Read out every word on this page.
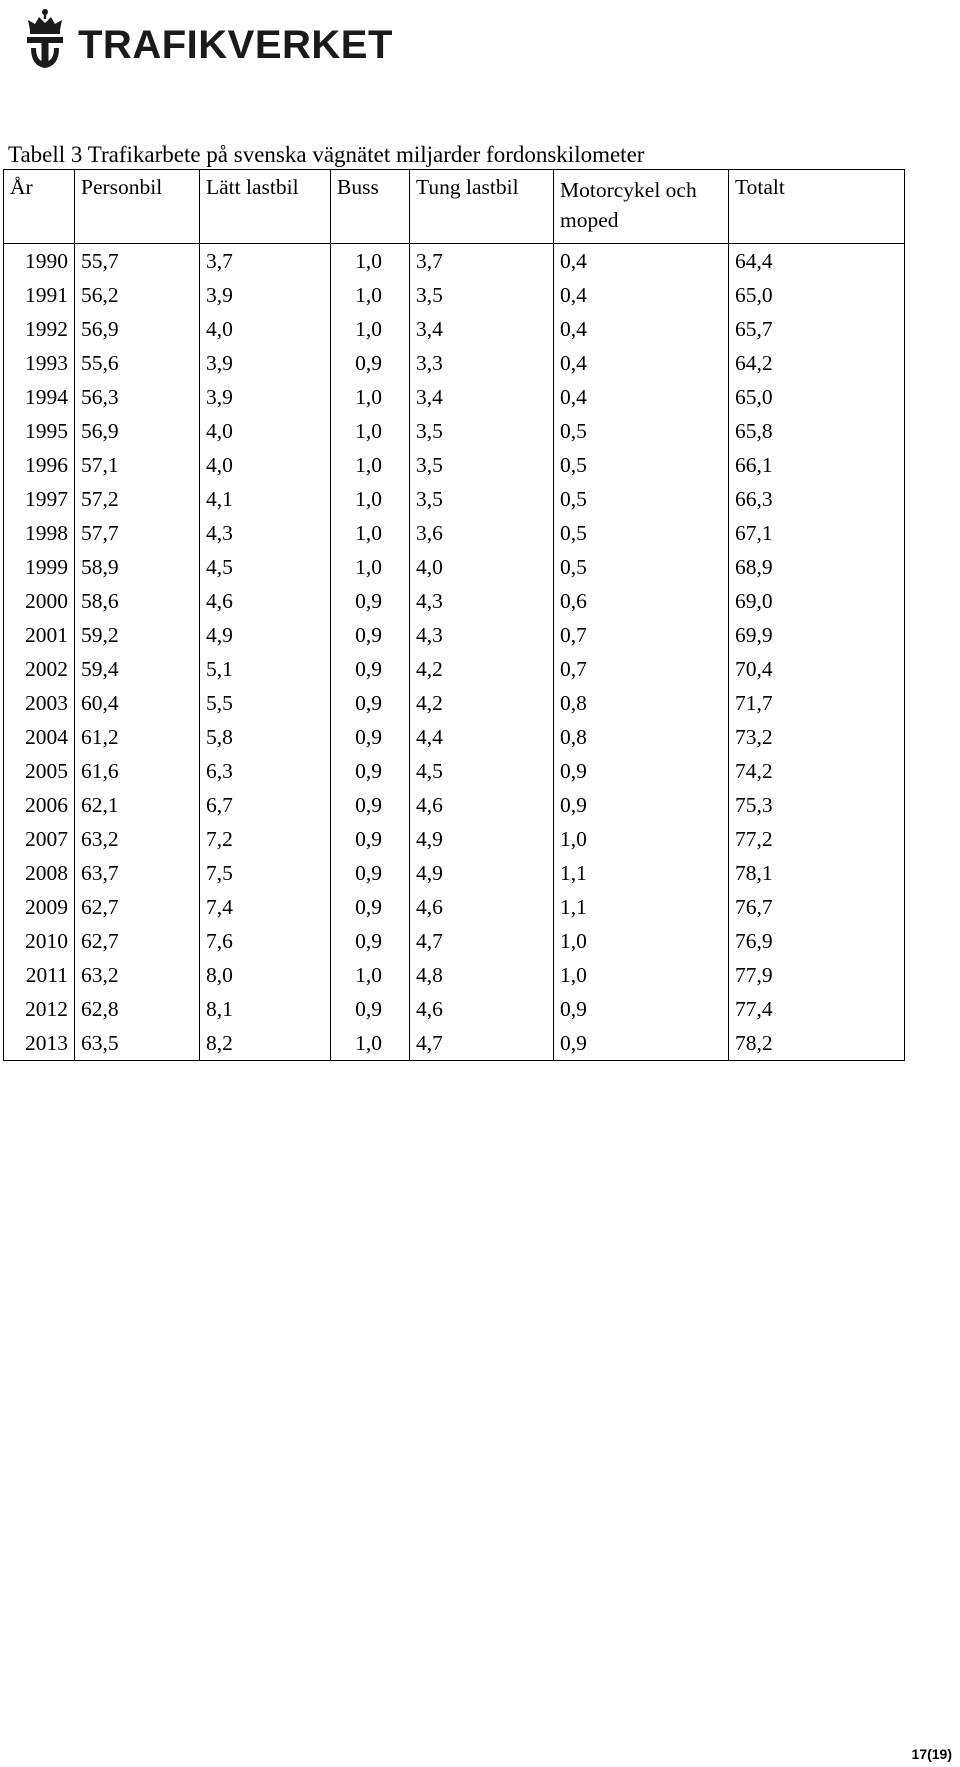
TRAFIKVERKET
Tabell 3 Trafikarbete på svenska vägnätet miljarder fordonskilometer
År	Personbil	Lätt lastbil	Buss	Tung lastbil	Motorcykel och moped	Totalt
1990	55,7	3,7	1,0	3,7	0,4	64,4
1991	56,2	3,9	1,0	3,5	0,4	65,0
1992	56,9	4,0	1,0	3,4	0,4	65,7
1993	55,6	3,9	0,9	3,3	0,4	64,2
1994	56,3	3,9	1,0	3,4	0,4	65,0
1995	56,9	4,0	1,0	3,5	0,5	65,8
1996	57,1	4,0	1,0	3,5	0,5	66,1
1997	57,2	4,1	1,0	3,5	0,5	66,3
1998	57,7	4,3	1,0	3,6	0,5	67,1
1999	58,9	4,5	1,0	4,0	0,5	68,9
2000	58,6	4,6	0,9	4,3	0,6	69,0
2001	59,2	4,9	0,9	4,3	0,7	69,9
2002	59,4	5,1	0,9	4,2	0,7	70,4
2003	60,4	5,5	0,9	4,2	0,8	71,7
2004	61,2	5,8	0,9	4,4	0,8	73,2
2005	61,6	6,3	0,9	4,5	0,9	74,2
2006	62,1	6,7	0,9	4,6	0,9	75,3
2007	63,2	7,2	0,9	4,9	1,0	77,2
2008	63,7	7,5	0,9	4,9	1,1	78,1
2009	62,7	7,4	0,9	4,6	1,1	76,7
2010	62,7	7,6	0,9	4,7	1,0	76,9
2011	63,2	8,0	1,0	4,8	1,0	77,9
2012	62,8	8,1	0,9	4,6	0,9	77,4
2013	63,5	8,2	1,0	4,7	0,9	78,2
17(19)
